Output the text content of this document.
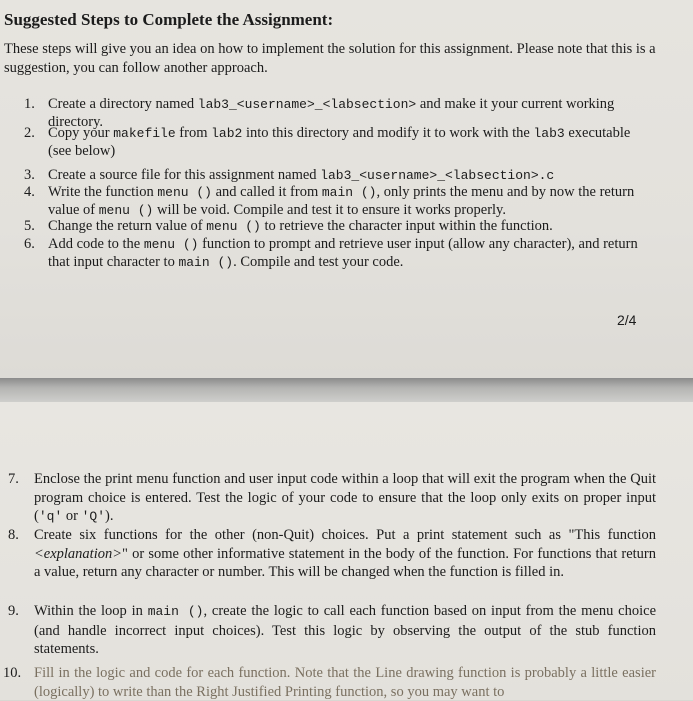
Suggested Steps to Complete the Assignment:
These steps will give you an idea on how to implement the solution for this assignment. Please note that this is a suggestion, you can follow another approach.
1. Create a directory named lab3_<username>_<labsection> and make it your current working directory.
2. Copy your makefile from lab2 into this directory and modify it to work with the lab3 executable (see below)
3. Create a source file for this assignment named lab3_<username>_<labsection>.c
4. Write the function menu () and called it from main (), only prints the menu and by now the return value of menu () will be void. Compile and test it to ensure it works properly.
5. Change the return value of menu () to retrieve the character input within the function.
6. Add code to the menu () function to prompt and retrieve user input (allow any character), and return that input character to main (). Compile and test your code.
2/4
7. Enclose the print menu function and user input code within a loop that will exit the program when the Quit program choice is entered. Test the logic of your code to ensure that the loop only exits on proper input ('q' or 'Q').
8. Create six functions for the other (non-Quit) choices. Put a print statement such as "This function <explanation>" or some other informative statement in the body of the function. For functions that return a value, return any character or number. This will be changed when the function is filled in.
9. Within the loop in main (), create the logic to call each function based on input from the menu choice (and handle incorrect input choices). Test this logic by observing the output of the stub function statements.
10. Fill in the logic and code for each function. Note that the Line drawing function is probably a little easier (logically) to write than the Right Justified Printing function, so you may want to
